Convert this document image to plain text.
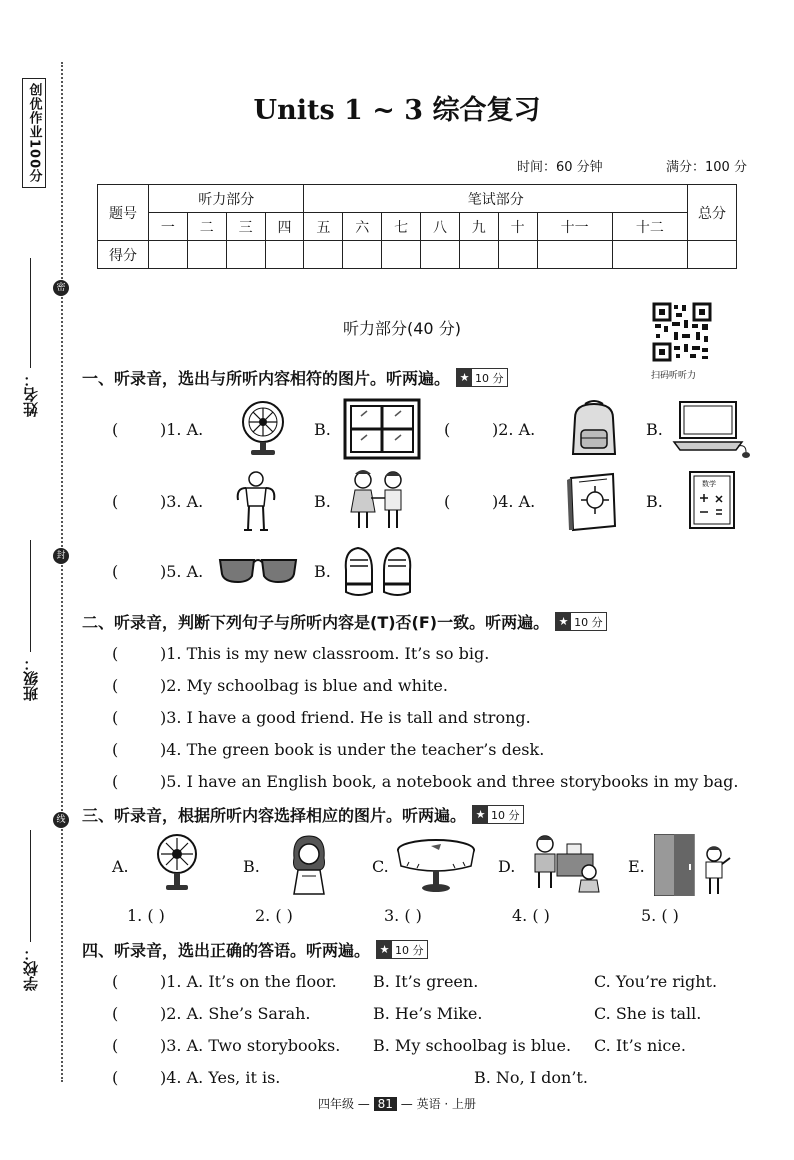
创优作业100分
密
封
线
姓名：
班级：
学校：
Units 1 ~ 3 综合复习
时间：60 分钟	满分：100 分
题号	听力部分				笔试部分								总分
	一	二	三	四	五	六	七	八	九	十	十一	十二	
得分													
听力部分(40 分)
扫码听听力
一、听录音，选出与所听内容相符的图片。听两遍。 ★ 10 分
(	)1. A.	B.	(	)2. A.	B.
(	)3. A.	B.	(	)4. A.	B.
数学
(	)5. A.	B.
二、听录音，判断下列句子与所听内容是(T)否(F)一致。听两遍。 ★ 10 分
(	)1. This is my new classroom. It’s so big.
(	)2. My schoolbag is blue and white.
(	)3. I have a good friend. He is tall and strong.
(	)4. The green book is under the teacher’s desk.
(	)5. I have an English book, a notebook and three storybooks in my bag.
三、听录音，根据所听内容选择相应的图片。听两遍。 ★ 10 分
A.	B.	C.	D.	E.
1. ( )	2. ( )	3. ( )	4. ( )	5. ( )
四、听录音，选出正确的答语。听两遍。 ★ 10 分
(	)1. A. It’s on the floor. B. It’s green.	C. You’re right.
(	)2. A. She’s Sarah.	B. He’s Mike.	C. She is tall.
(	)3. A. Two storybooks. B. My schoolbag is blue. C. It’s nice.
(	)4. A. Yes, it is.	B. No, I don’t.
四年级 — 81 — 英语 · 上册
